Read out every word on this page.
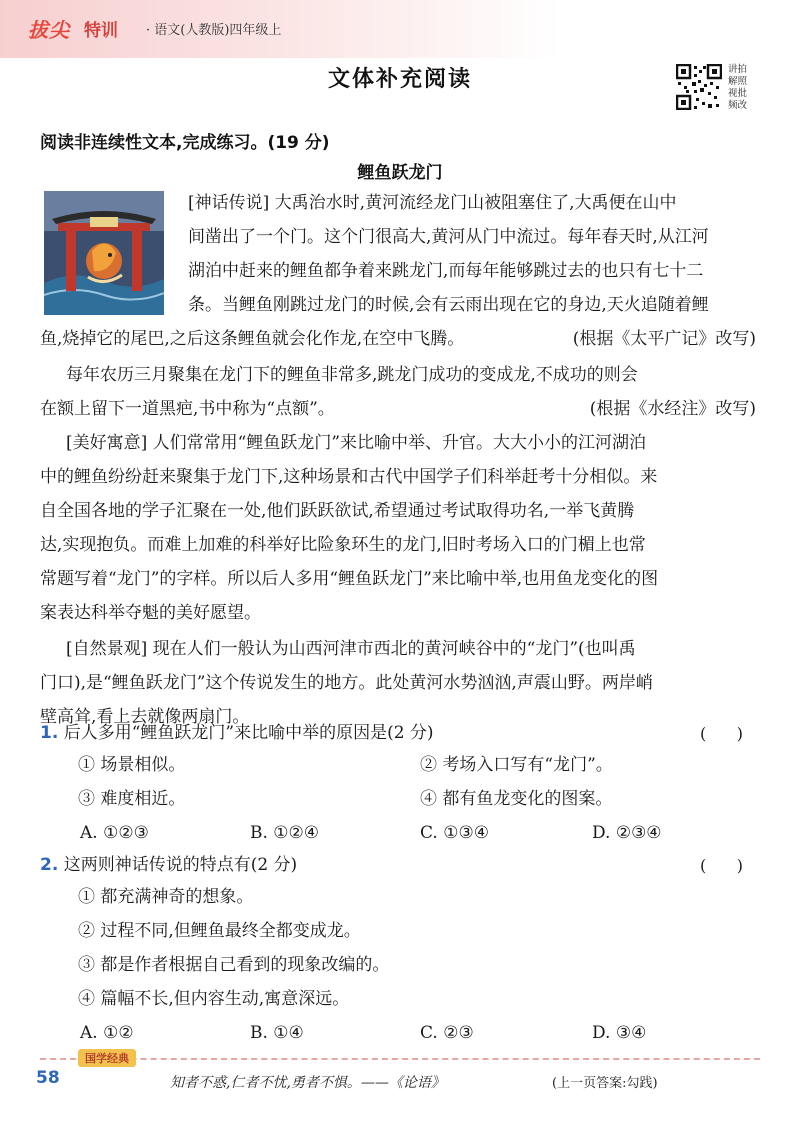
拔尖 特训 · 语文(人教版)四年级上
文体补充阅读	讲拍
解照
视批
频改
阅读非连续性文本,完成练习。(19 分)
鲤鱼跃龙门
[神话传说] 大禹治水时,黄河流经龙门山被阻塞住了,大禹便在山中
间凿出了一个门。这个门很高大,黄河从门中流过。每年春天时,从江河
湖泊中赶来的鲤鱼都争着来跳龙门,而每年能够跳过去的也只有七十二
条。当鲤鱼刚跳过龙门的时候,会有云雨出现在它的身边,天火追随着鲤
鱼,烧掉它的尾巴,之后这条鲤鱼就会化作龙,在空中飞腾。	(根据《太平广记》改写)
每年农历三月聚集在龙门下的鲤鱼非常多,跳龙门成功的变成龙,不成功的则会
在额上留下一道黑疤,书中称为“点额”。	(根据《水经注》改写)
[美好寓意] 人们常常用“鲤鱼跃龙门”来比喻中举、升官。大大小小的江河湖泊
中的鲤鱼纷纷赶来聚集于龙门下,这种场景和古代中国学子们科举赶考十分相似。来
自全国各地的学子汇聚在一处,他们跃跃欲试,希望通过考试取得功名,一举飞黄腾
达,实现抱负。而难上加难的科举好比险象环生的龙门,旧时考场入口的门楣上也常
常题写着“龙门”的字样。所以后人多用“鲤鱼跃龙门”来比喻中举,也用鱼龙变化的图
案表达科举夺魁的美好愿望。
[自然景观] 现在人们一般认为山西河津市西北的黄河峡谷中的“龙门”(也叫禹
门口),是“鲤鱼跃龙门”这个传说发生的地方。此处黄河水势汹汹,声震山野。两岸峭
壁高耸,看上去就像两扇门。
1. 后人多用“鲤鱼跃龙门”来比喻中举的原因是(2 分)	(      )
① 场景相似。	② 考场入口写有“龙门”。
③ 难度相近。	④ 都有鱼龙变化的图案。
A. ①②③	B. ①②④	C. ①③④	D. ②③④
2. 这两则神话传说的特点有(2 分)	(      )
① 都充满神奇的想象。
② 过程不同,但鲤鱼最终全都变成龙。
③ 都是作者根据自己看到的现象改编的。
④ 篇幅不长,但内容生动,寓意深远。
A. ①②	B. ①④	C. ②③	D. ③④
国学经典
58	知者不惑,仁者不忧,勇者不惧。——《论语》	(上一页答案:勾践)
